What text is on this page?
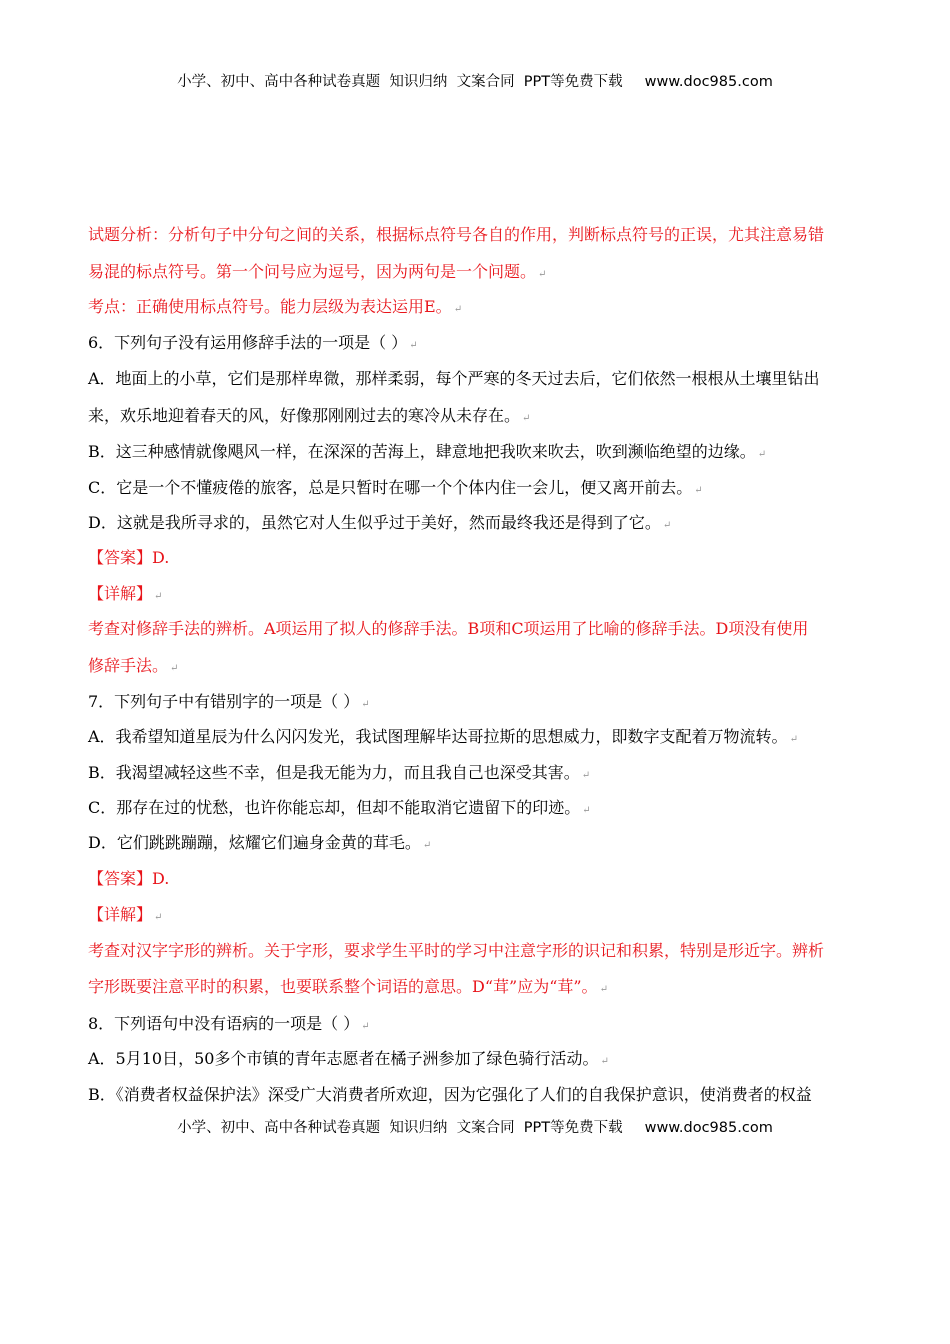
小学、初中、高中各种试卷真题  知识归纳  文案合同  PPT等免费下载 www.doc985.com
试题分析：分析句子中分句之间的关系，根据标点符号各自的作用，判断标点符号的正误，尤其注意易错
易混的标点符号。第一个问号应为逗号，因为两句是一个问题。 ↵
考点：正确使用标点符号。能力层级为表达运用E。 ↵
6．下列句子没有运用修辞手法的一项是（ ） ↵
A．地面上的小草，它们是那样卑微，那样柔弱，每个严寒的冬天过去后，它们依然一根根从土壤里钻出
来，欢乐地迎着春天的风，好像那刚刚过去的寒冷从未存在。 ↵
B．这三种感情就像飓风一样，在深深的苦海上，肆意地把我吹来吹去，吹到濒临绝望的边缘。 ↵
C．它是一个不懂疲倦的旅客，总是只暂时在哪一个个体内住一会儿，便又离开前去。 ↵
D．这就是我所寻求的，虽然它对人生似乎过于美好，然而最终我还是得到了它。 ↵
【答案】D.
【详解】 ↵
考查对修辞手法的辨析。A项运用了拟人的修辞手法。B项和C项运用了比喻的修辞手法。D项没有使用
修辞手法。 ↵
7．下列句子中有错别字的一项是（ ） ↵
A．我希望知道星辰为什么闪闪发光，我试图理解毕达哥拉斯的思想威力，即数字支配着万物流转。 ↵
B．我渴望减轻这些不幸，但是我无能为力，而且我自己也深受其害。 ↵
C．那存在过的忧愁，也许你能忘却，但却不能取消它遗留下的印迹。 ↵
D．它们跳跳蹦蹦，炫耀它们遍身金黄的茸毛。 ↵
【答案】D.
【详解】 ↵
考查对汉字字形的辨析。关于字形，要求学生平时的学习中注意字形的识记和积累，特别是形近字。辨析
字形既要注意平时的积累，也要联系整个词语的意思。D“茸”应为“茸”。 ↵
8．下列语句中没有语病的一项是（ ） ↵
A．5月10日，50多个市镇的青年志愿者在橘子洲参加了绿色骑行活动。 ↵
B．《消费者权益保护法》深受广大消费者所欢迎，因为它强化了人们的自我保护意识，使消费者的权益
小学、初中、高中各种试卷真题  知识归纳  文案合同  PPT等免费下载 www.doc985.com
